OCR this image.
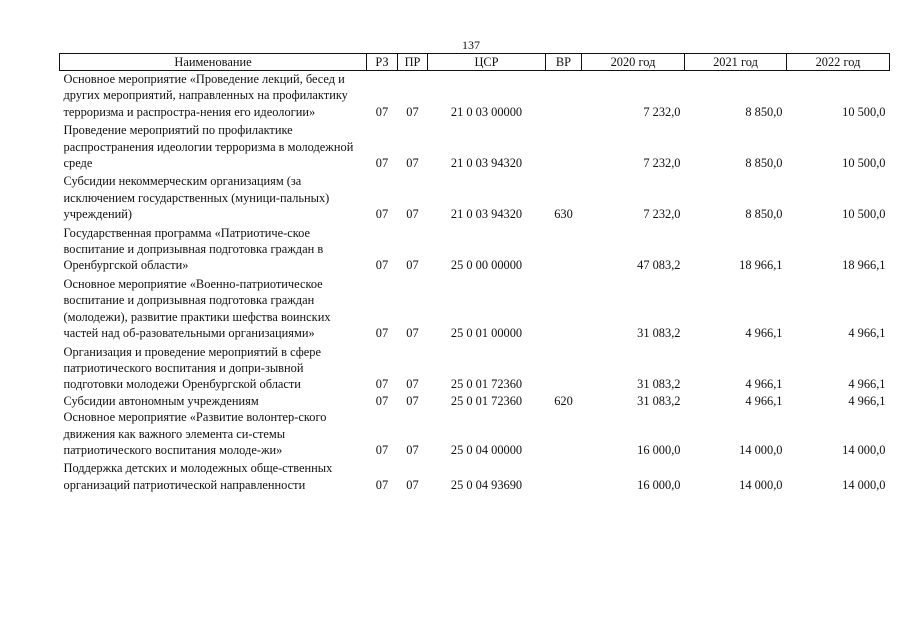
137
Наименование	РЗ	ПР	ЦСР	ВР	2020 год	2021 год	2022 год
Основное мероприятие «Проведение лекций, бесед и других мероприятий, направленных на профилактику терроризма и распростра-нения его идеологии»	07	07	21 0 03 00000		7 232,0	8 850,0	10 500,0
Проведение мероприятий по профилактике распространения идеологии терроризма в молодежной среде	07	07	21 0 03 94320		7 232,0	8 850,0	10 500,0
Субсидии некоммерческим организациям (за исключением государственных (муници-пальных) учреждений)	07	07	21 0 03 94320	630	7 232,0	8 850,0	10 500,0
Государственная программа «Патриотиче-ское воспитание и допризывная подготовка граждан в Оренбургской области»	07	07	25 0 00 00000		47 083,2	18 966,1	18 966,1
Основное мероприятие «Военно-патриотическое воспитание и допризывная подготовка граждан (молодежи), развитие практики шефства воинских частей над об-разовательными организациями»	07	07	25 0 01 00000		31 083,2	4 966,1	4 966,1
Организация и проведение мероприятий в сфере патриотического воспитания и допри-зывной подготовки молодежи Оренбургской области	07	07	25 0 01 72360		31 083,2	4 966,1	4 966,1
Субсидии автономным учреждениям	07	07	25 0 01 72360	620	31 083,2	4 966,1	4 966,1
Основное мероприятие «Развитие волонтер-ского движения как важного элемента си-стемы патриотического воспитания молоде-жи»	07	07	25 0 04 00000		16 000,0	14 000,0	14 000,0
Поддержка детских и молодежных обще-ственных организаций патриотической направленности	07	07	25 0 04 93690		16 000,0	14 000,0	14 000,0
